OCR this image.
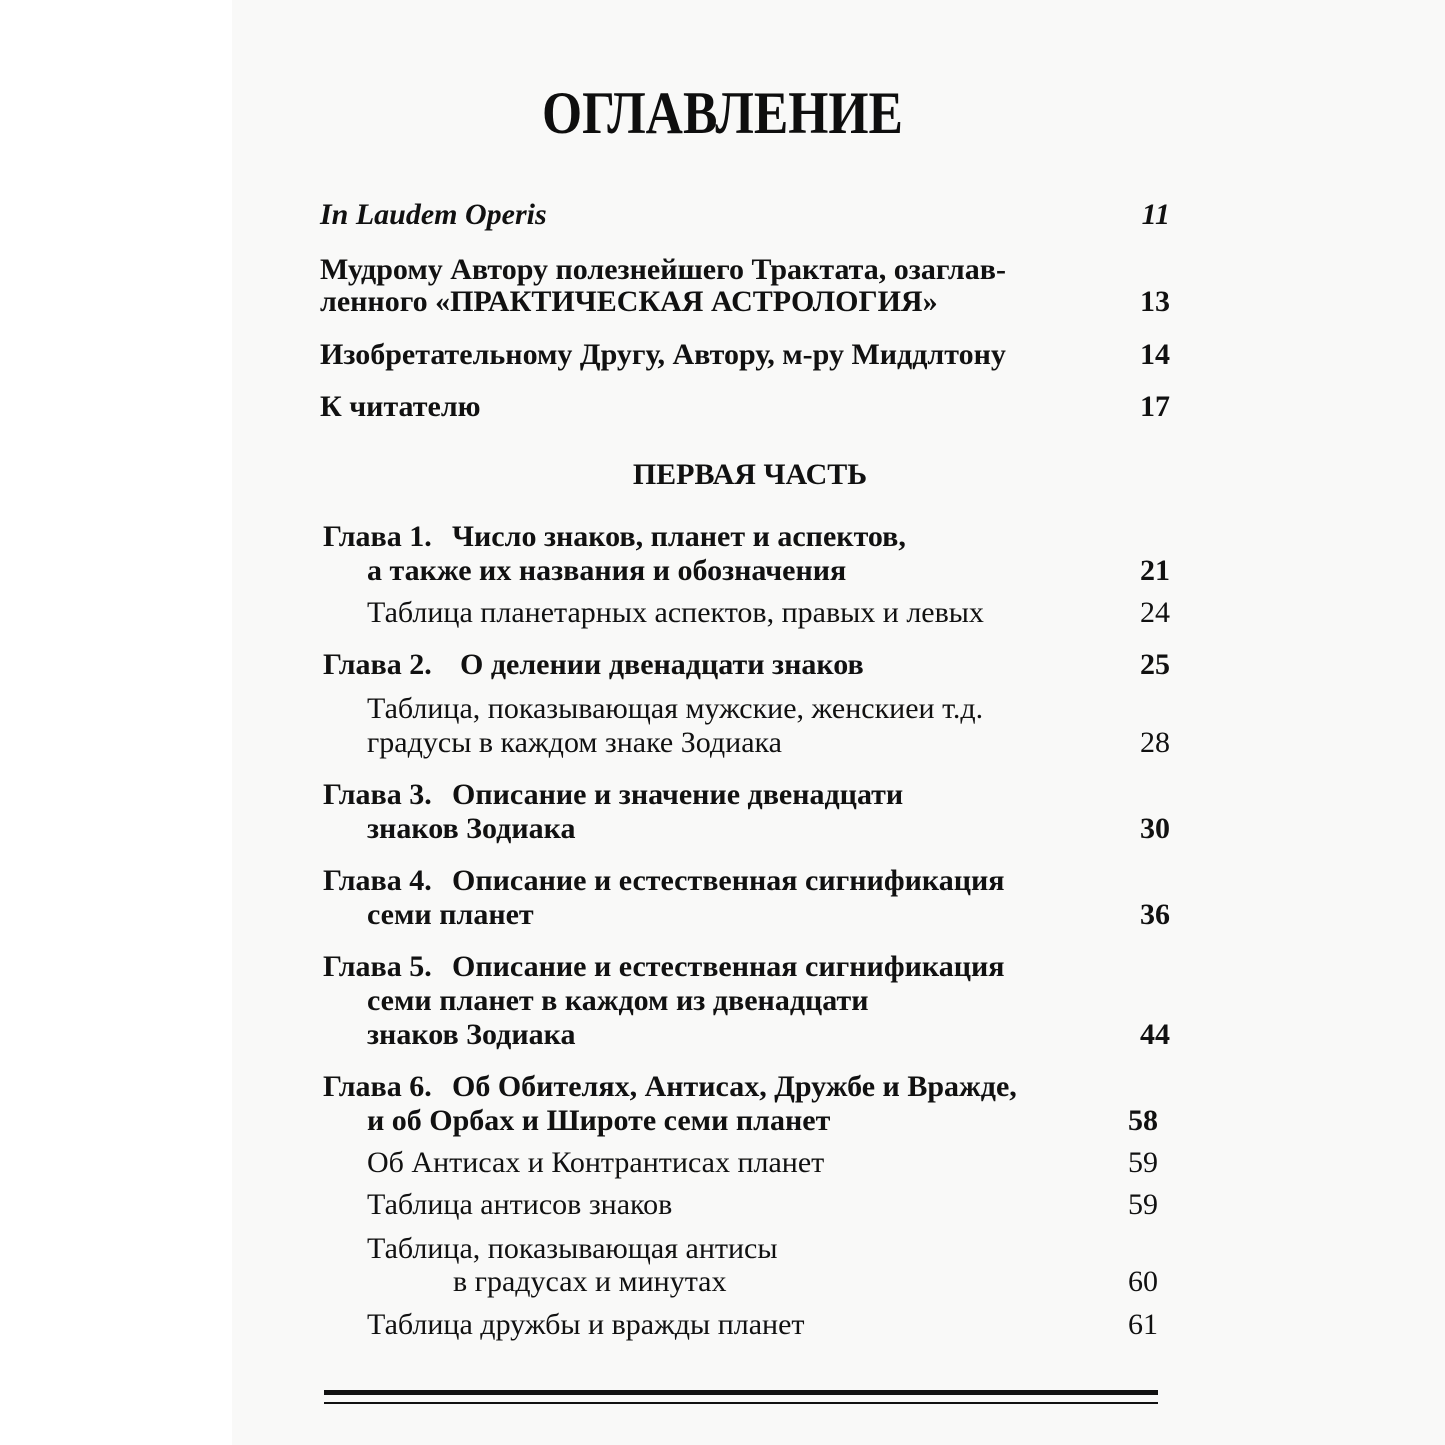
ОГЛАВЛЕНИЕ
In Laudem Operis	11
Мудрому Автору полезнейшего Трактата, озаглав-
ленного «ПРАКТИЧЕСКАЯ АСТРОЛОГИЯ»	13
Изобретательному Другу, Автору, м-ру Миддлтону	14
К читателю	17
ПЕРВАЯ ЧАСТЬ
Глава 1. Число знаков, планет и аспектов,
а также их названия и обозначения	21
Таблица планетарных аспектов, правых и левых	24
Глава 2. О делении двенадцати знаков	25
Таблица, показывающая мужские, женскиеи т.д.
градусы в каждом знаке Зодиака	28
Глава 3. Описание и значение двенадцати
знаков Зодиака	30
Глава 4. Описание и естественная сигнификация
семи планет	36
Глава 5. Описание и естественная сигнификация
семи планет в каждом из двенадцати
знаков Зодиака	44
Глава 6. Об Обителях, Антисах, Дружбе и Вражде,
и об Орбах и Широте семи планет	58
Об Антисах и Контрантисах планет	59
Таблица антисов знаков	59
Таблица, показывающая антисы
в градусах и минутах	60
Таблица дружбы и вражды планет	61
